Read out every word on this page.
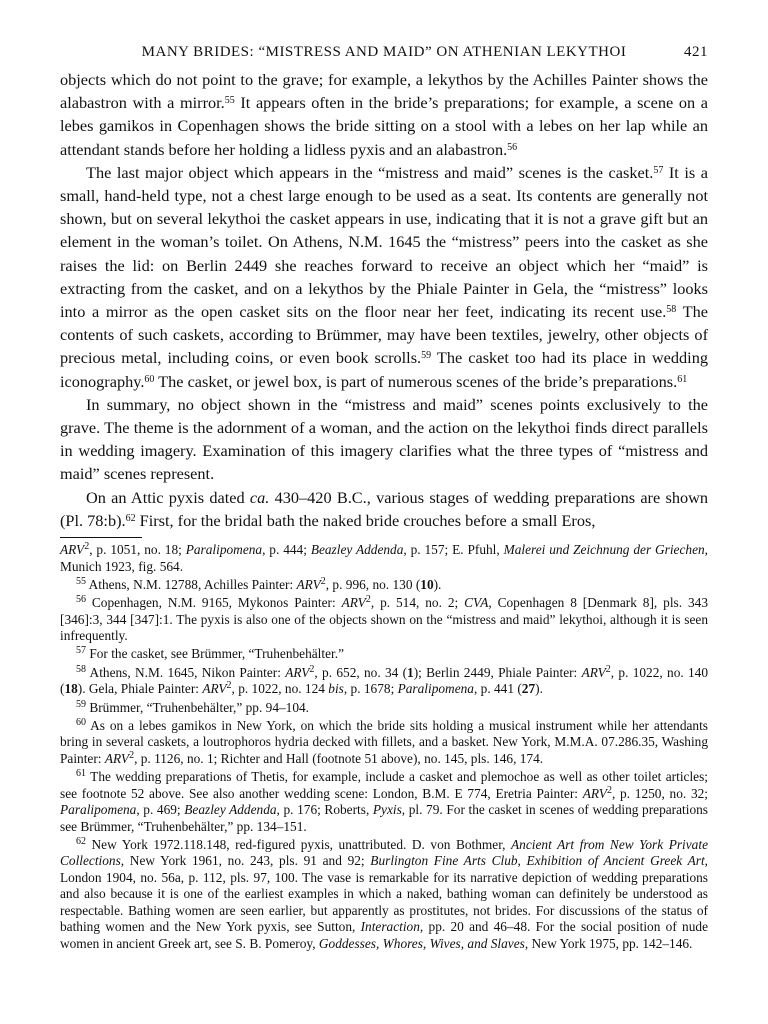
MANY BRIDES: “MISTRESS AND MAID” ON ATHENIAN LEKYTHOI	421

objects which do not point to the grave; for example, a lekythos by the Achilles Painter shows the alabastron with a mirror.$^{55}$ It appears often in the bride’s preparations; for example, a scene on a lebes gamikos in Copenhagen shows the bride sitting on a stool with a lebes on her lap while an attendant stands before her holding a lidless pyxis and an alabastron.$^{56}$

The last major object which appears in the “mistress and maid” scenes is the casket.$^{57}$ It is a small, hand-held type, not a chest large enough to be used as a seat. Its contents are generally not shown, but on several lekythoi the casket appears in use, indicating that it is not a grave gift but an element in the woman’s toilet. On Athens, N.M. 1645 the “mistress” peers into the casket as she raises the lid: on Berlin 2449 she reaches forward to receive an object which her “maid” is extracting from the casket, and on a lekythos by the Phiale Painter in Gela, the “mistress” looks into a mirror as the open casket sits on the floor near her feet, indicating its recent use.$^{58}$ The contents of such caskets, according to Brümmer, may have been textiles, jewelry, other objects of precious metal, including coins, or even book scrolls.$^{59}$ The casket too had its place in wedding iconography.$^{60}$ The casket, or jewel box, is part of numerous scenes of the bride’s preparations.$^{61}$

In summary, no object shown in the “mistress and maid” scenes points exclusively to the grave. The theme is the adornment of a woman, and the action on the lekythoi finds direct parallels in wedding imagery. Examination of this imagery clarifies what the three types of “mistress and maid” scenes represent.

On an Attic pyxis dated ca. 430–420 B.C., various stages of wedding preparations are shown (Pl. 78:b).$^{62}$ First, for the bridal bath the naked bride crouches before a small Eros,

ARV$^2$, p. 1051, no. 18; Paralipomena, p. 444; Beazley Addenda, p. 157; E. Pfuhl, Malerei und Zeichnung der Griechen, Munich 1923, fig. 564.

$^{55}$ Athens, N.M. 12788, Achilles Painter: ARV$^2$, p. 996, no. 130 (10).

$^{56}$ Copenhagen, N.M. 9165, Mykonos Painter: ARV$^2$, p. 514, no. 2; CVA, Copenhagen 8 [Denmark 8], pls. 343 [346]:3, 344 [347]:1. The pyxis is also one of the objects shown on the “mistress and maid” lekythoi, although it is seen infrequently.

$^{57}$ For the casket, see Brümmer, “Truhenbehälter.”

$^{58}$ Athens, N.M. 1645, Nikon Painter: ARV$^2$, p. 652, no. 34 (1); Berlin 2449, Phiale Painter: ARV$^2$, p. 1022, no. 140 (18). Gela, Phiale Painter: ARV$^2$, p. 1022, no. 124 bis, p. 1678; Paralipomena, p. 441 (27).

$^{59}$ Brümmer, “Truhenbehälter,” pp. 94–104.

$^{60}$ As on a lebes gamikos in New York, on which the bride sits holding a musical instrument while her attendants bring in several caskets, a loutrophoros hydria decked with fillets, and a basket. New York, M.M.A. 07.286.35, Washing Painter: ARV$^2$, p. 1126, no. 1; Richter and Hall (footnote 51 above), no. 145, pls. 146, 174.

$^{61}$ The wedding preparations of Thetis, for example, include a casket and plemochoe as well as other toilet articles; see footnote 52 above. See also another wedding scene: London, B.M. E 774, Eretria Painter: ARV$^2$, p. 1250, no. 32; Paralipomena, p. 469; Beazley Addenda, p. 176; Roberts, Pyxis, pl. 79. For the casket in scenes of wedding preparations see Brümmer, “Truhenbehälter,” pp. 134–151.

$^{62}$ New York 1972.118.148, red-figured pyxis, unattributed. D. von Bothmer, Ancient Art from New York Private Collections, New York 1961, no. 243, pls. 91 and 92; Burlington Fine Arts Club, Exhibition of Ancient Greek Art, London 1904, no. 56a, p. 112, pls. 97, 100. The vase is remarkable for its narrative depiction of wedding preparations and also because it is one of the earliest examples in which a naked, bathing woman can definitely be understood as respectable. Bathing women are seen earlier, but apparently as prostitutes, not brides. For discussions of the status of bathing women and the New York pyxis, see Sutton, Interaction, pp. 20 and 46–48. For the social position of nude women in ancient Greek art, see S. B. Pomeroy, Goddesses, Whores, Wives, and Slaves, New York 1975, pp. 142–146.
